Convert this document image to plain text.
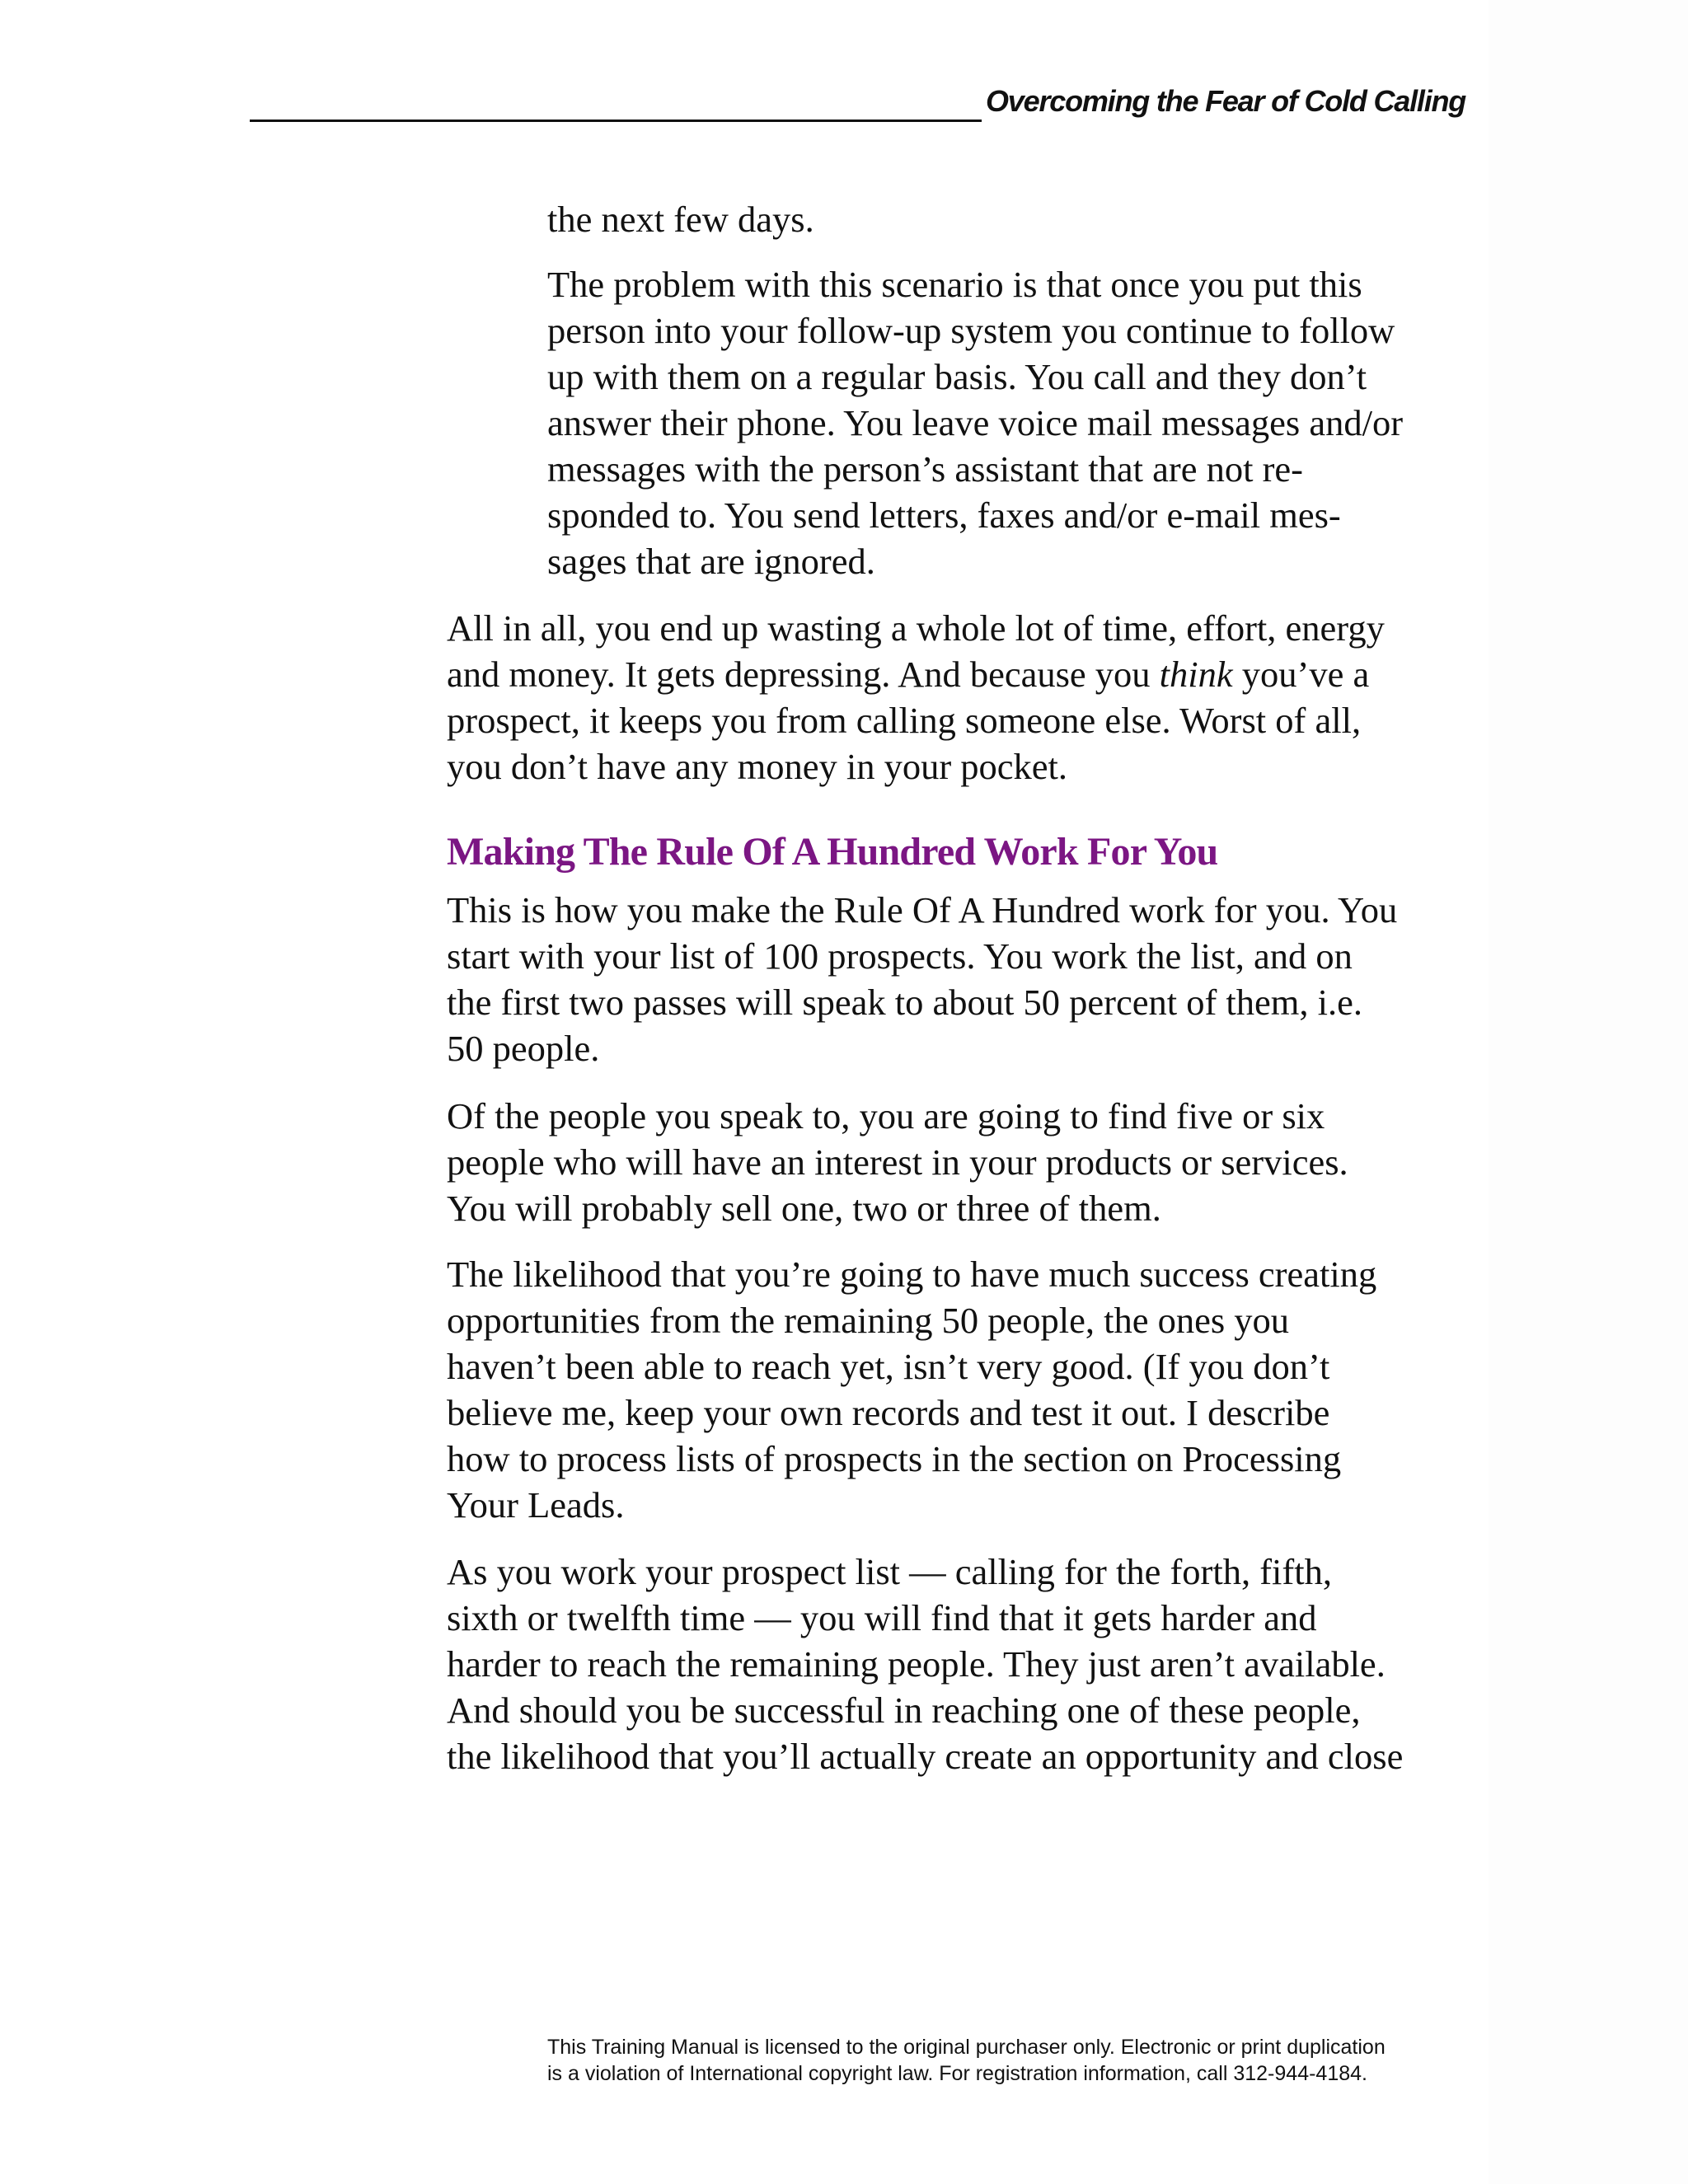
Overcoming the Fear of Cold Calling

the next few days.

The problem with this scenario is that once you put this
person into your follow-up system you continue to follow
up with them on a regular basis. You call and they don’t
answer their phone. You leave voice mail messages and/or
messages with the person’s assistant that are not re-
sponded to. You send letters, faxes and/or e-mail mes-
sages that are ignored.

All in all, you end up wasting a whole lot of time, effort, energy
and money. It gets depressing. And because you think you’ve a
prospect, it keeps you from calling someone else. Worst of all,
you don’t have any money in your pocket.

Making The Rule Of A Hundred Work For You

This is how you make the Rule Of A Hundred work for you. You
start with your list of 100 prospects. You work the list, and on
the first two passes will speak to about 50 percent of them, i.e.
50 people.

Of the people you speak to, you are going to find five or six
people who will have an interest in your products or services.
You will probably sell one, two or three of them.

The likelihood that you’re going to have much success creating
opportunities from the remaining 50 people, the ones you
haven’t been able to reach yet, isn’t very good. (If you don’t
believe me, keep your own records and test it out. I describe
how to process lists of prospects in the section on Processing
Your Leads.

As you work your prospect list — calling for the forth, fifth,
sixth or twelfth time — you will find that it gets harder and
harder to reach the remaining people. They just aren’t available.
And should you be successful in reaching one of these people,
the likelihood that you’ll actually create an opportunity and close

This Training Manual is licensed to the original purchaser only. Electronic or print duplication
is a violation of International copyright law. For registration information, call 312-944-4184.
